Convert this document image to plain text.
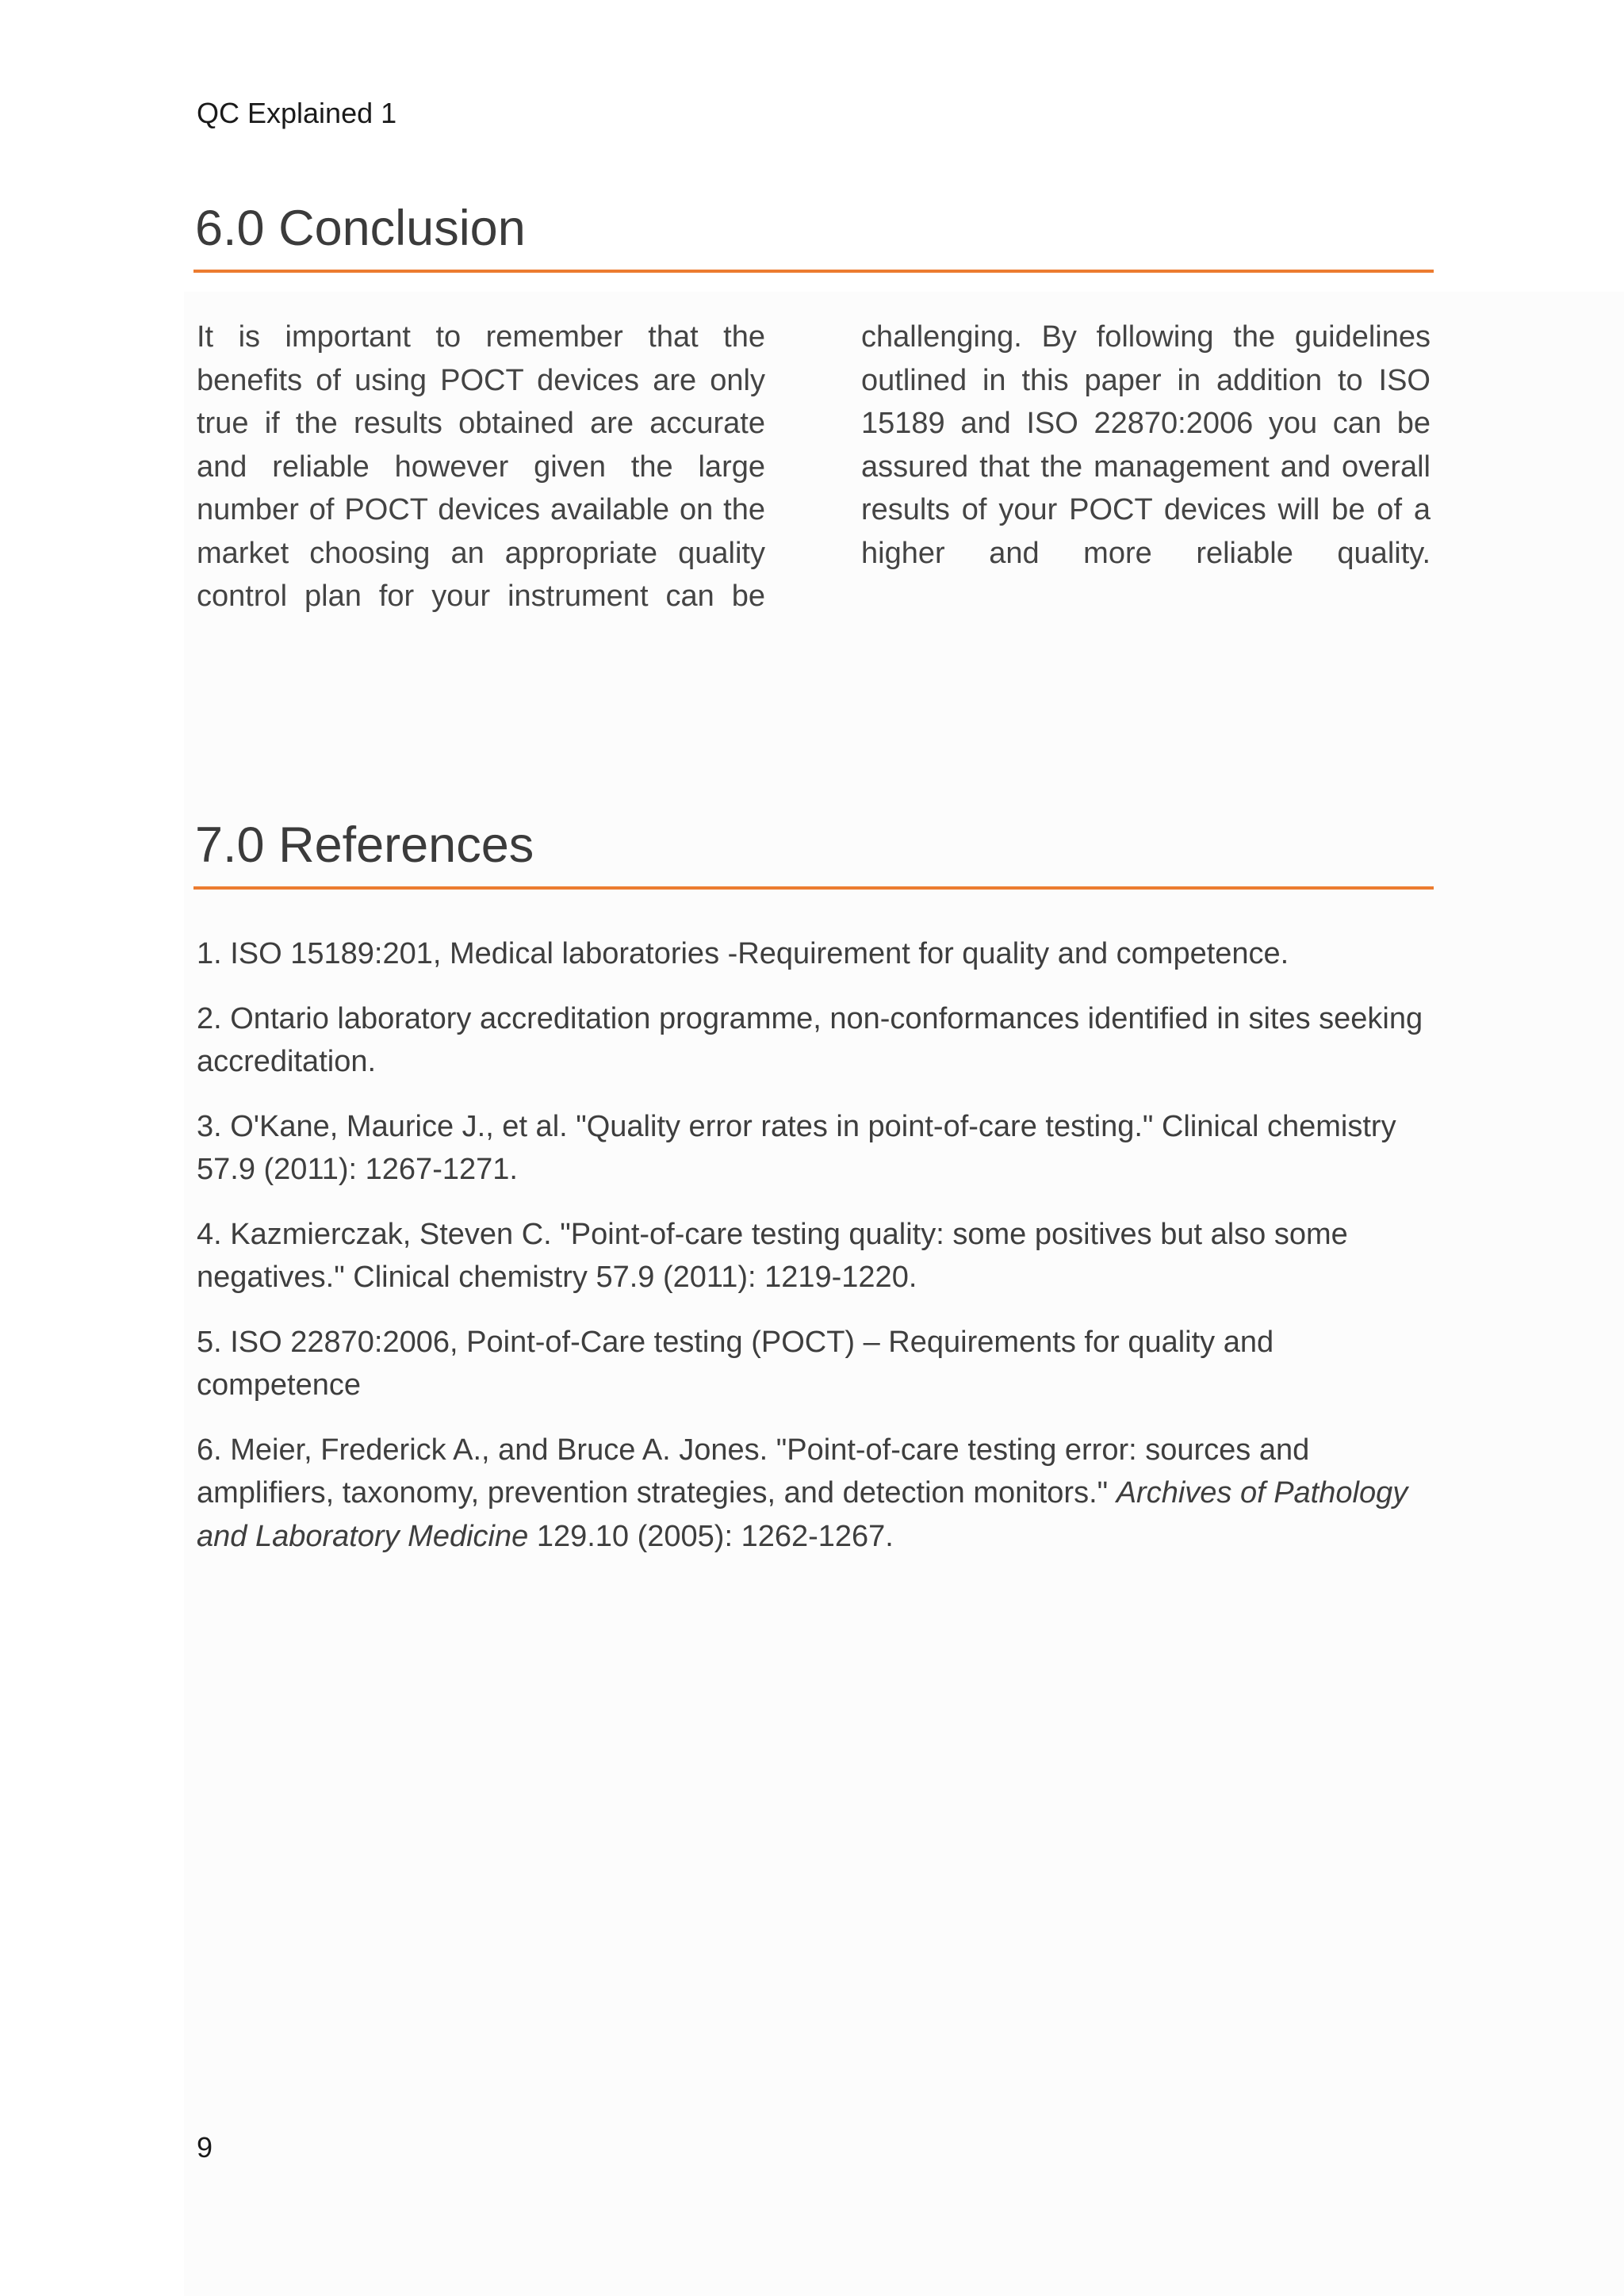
QC Explained 1
6.0 Conclusion
It is important to remember that the
benefits of using POCT devices are only
true if the results obtained are accurate
and reliable however given the large
number of POCT devices available on the
market choosing an appropriate quality
control plan for your instrument can be
challenging. By following the guidelines
outlined in this paper in addition to ISO
15189 and ISO 22870:2006 you can be
assured that the management and overall
results of your POCT devices will be of a
higher and more reliable quality.
7.0 References

1. ISO 15189:201, Medical laboratories -Requirement for quality and competence.

2. Ontario laboratory accreditation programme, non-conformances identified in sites seeking accreditation.

3. O'Kane, Maurice J., et al. "Quality error rates in point-of-care testing." Clinical chemistry 57.9 (2011): 1267-1271.

4. Kazmierczak, Steven C. "Point-of-care testing quality: some positives but also some negatives." Clinical chemistry 57.9 (2011): 1219-1220.

5. ISO 22870:2006, Point-of-Care testing (POCT) – Requirements for quality and competence

6. Meier, Frederick A., and Bruce A. Jones. "Point-of-care testing error: sources and amplifiers, taxonomy, prevention strategies, and detection monitors." Archives of Pathology and Laboratory Medicine 129.10 (2005): 1262-1267.

9
